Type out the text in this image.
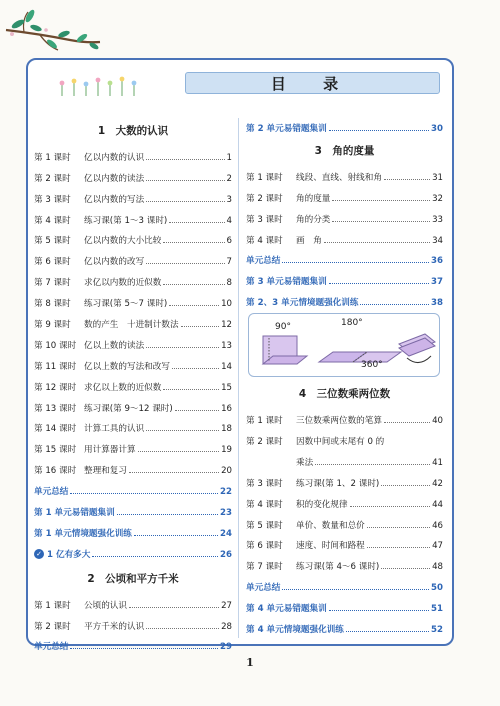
目 录
1　大数的认识
第 1 课时	亿以内数的认识	1
第 2 课时	亿以内数的读法	2
第 3 课时	亿以内数的写法	3
第 4 课时	练习课(第 1～3 课时)	4
第 5 课时	亿以内数的大小比较	6
第 6 课时	亿以内数的改写	7
第 7 课时	求亿以内数的近似数	8
第 8 课时	练习课(第 5～7 课时)	10
第 9 课时	数的产生　十进制计数法	12
第 10 课时 亿以上数的读法	13
第 11 课时 亿以上数的写法和改写	14
第 12 课时 求亿以上数的近似数	15
第 13 课时 练习课(第 9～12 课时)	16
第 14 课时 计算工具的认识	18
第 15 课时 用计算器计算	19
第 16 课时 整理和复习	20
单元总结	22
第 1 单元易错题集训	23
第 1 单元情境题强化训练	24
✓ 1 亿有多大	26
2　公顷和平方千米
第 1 课时	公顷的认识	27
第 2 课时	平方千米的认识	28
单元总结	29
第 2 单元易错题集训	30
3　角的度量
第 1 课时	线段、直线、射线和角	31
第 2 课时	角的度量	32
第 3 课时	角的分类	33
第 4 课时	画　角	34
单元总结	36
第 3 单元易错题集训	37
第 2、3 单元情境题强化训练	38
90°	180°
360°
4　三位数乘两位数
第 1 课时	三位数乘两位数的笔算	40
第 2 课时	因数中间或末尾有 0 的
乘法	41
第 3 课时	练习课(第 1、2 课时)	42
第 4 课时	积的变化规律	44
第 5 课时	单价、数量和总价	46
第 6 课时	速度、时间和路程	47
第 7 课时	练习课(第 4～6 课时)	48
单元总结	50
第 4 单元易错题集训	51
第 4 单元情境题强化训练	52
1
